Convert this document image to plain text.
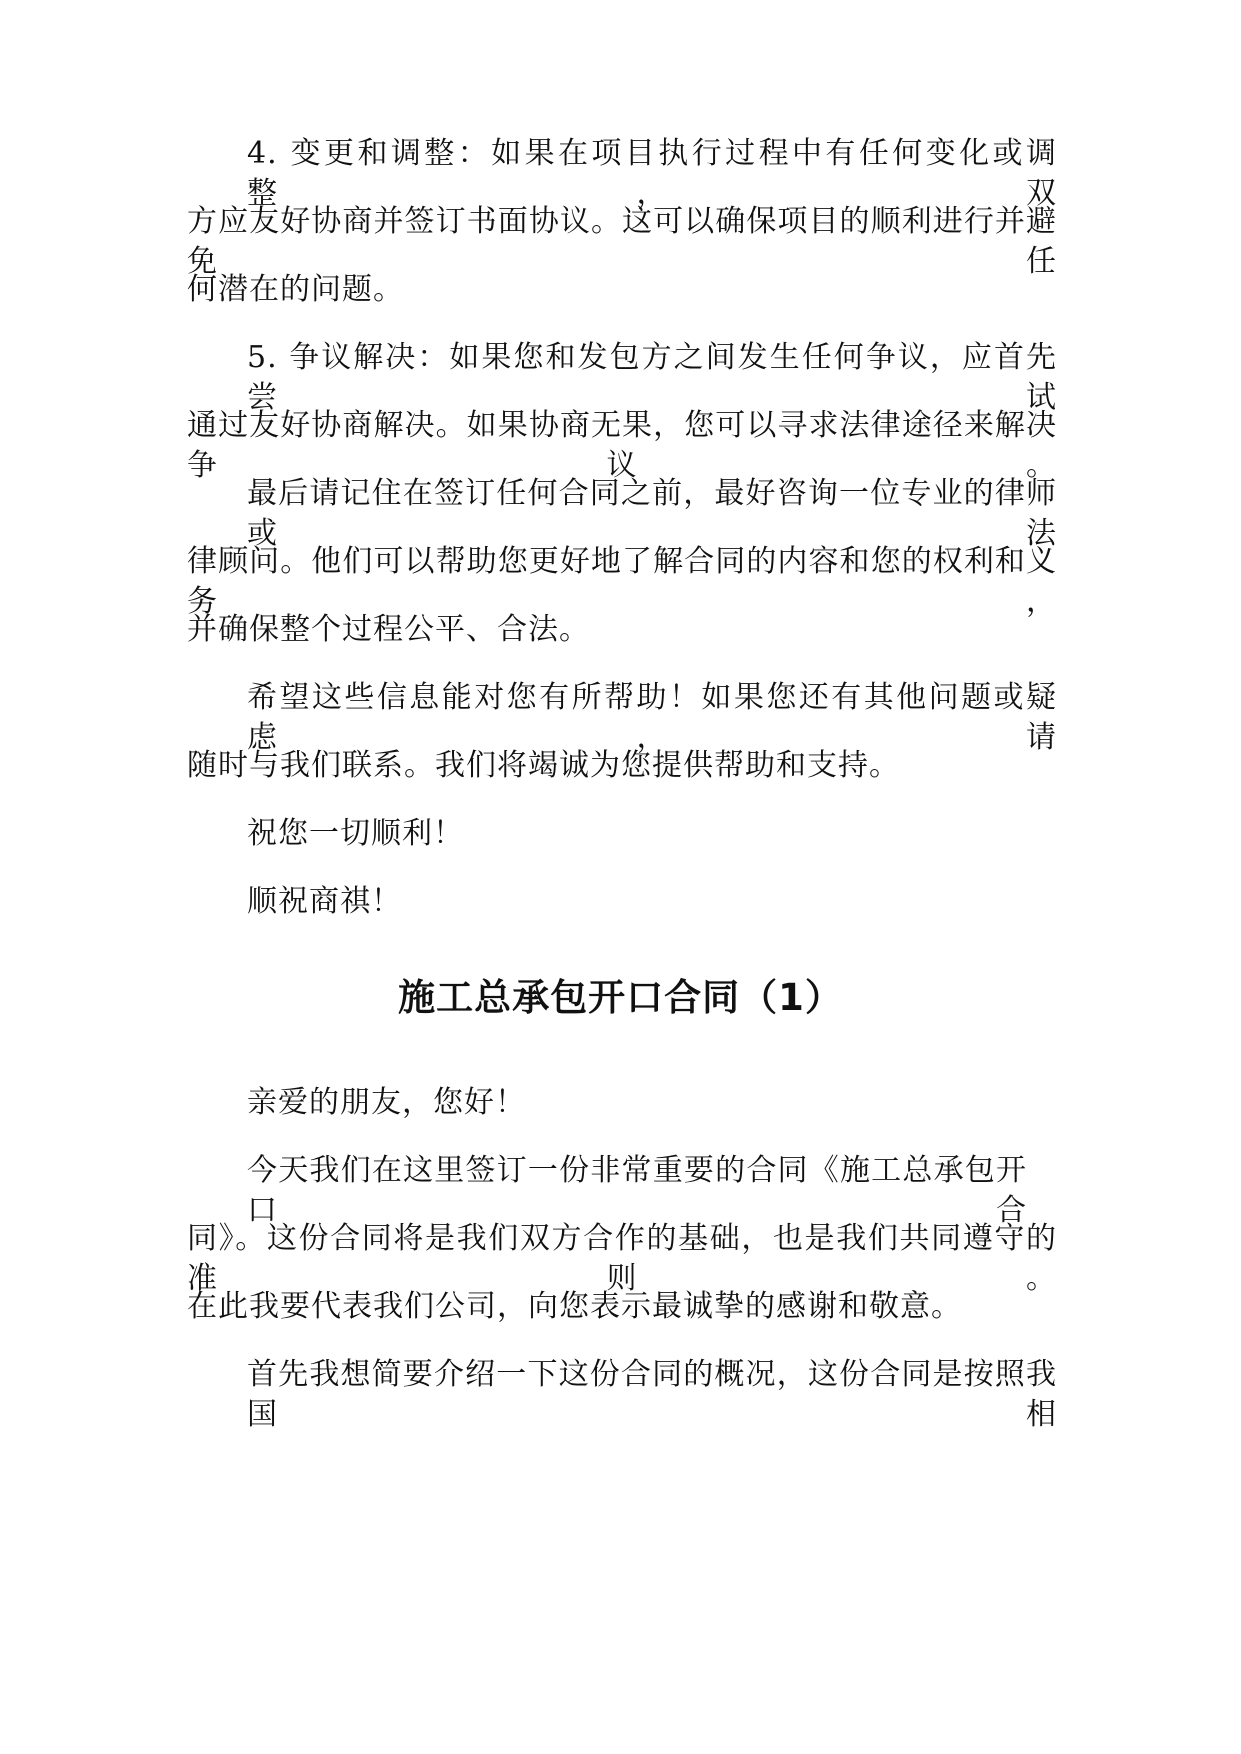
4. 变更和调整：如果在项目执行过程中有任何变化或调整，双
方应友好协商并签订书面协议。这可以确保项目的顺利进行并避免任
何潜在的问题。
5. 争议解决：如果您和发包方之间发生任何争议，应首先尝试
通过友好协商解决。如果协商无果，您可以寻求法律途径来解决争议。
最后请记住在签订任何合同之前，最好咨询一位专业的律师或法
律顾问。他们可以帮助您更好地了解合同的内容和您的权利和义务，
并确保整个过程公平、合法。
希望这些信息能对您有所帮助！如果您还有其他问题或疑虑，请
随时与我们联系。我们将竭诚为您提供帮助和支持。
祝您一切顺利！
顺祝商祺！
施工总承包开口合同（1）
亲爱的朋友，您好！
今天我们在这里签订一份非常重要的合同《施工总承包开口合
同》。这份合同将是我们双方合作的基础，也是我们共同遵守的准则。
在此我要代表我们公司，向您表示最诚挚的感谢和敬意。
首先我想简要介绍一下这份合同的概况，这份合同是按照我国相
